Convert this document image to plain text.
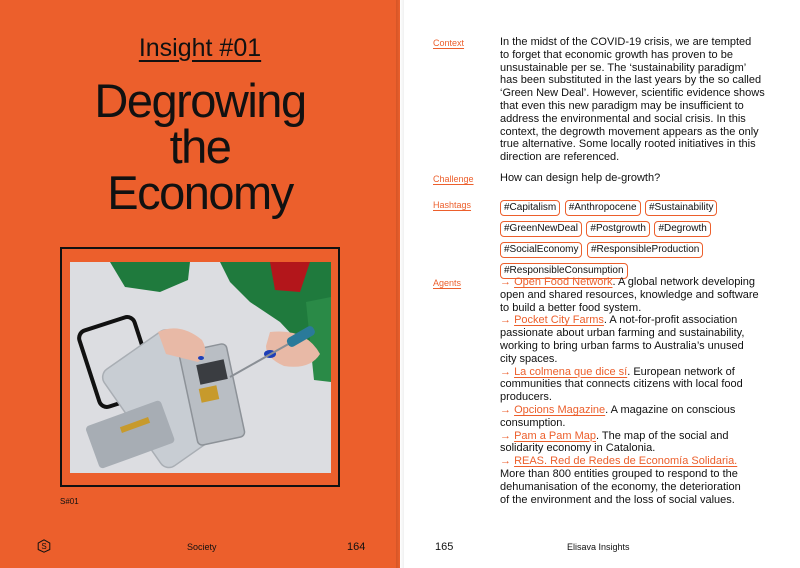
Insight #01
Degrowing
the
Economy
S#01
S	Society	164
Context	In the midst of the COVID-19 crisis, we are tempted
to forget that economic growth has proven to be
unsustainable per se. The ‘sustainability paradigm’
has been substituted in the last years by the so called
‘Green New Deal’. However, scientific evidence shows
that even this new paradigm may be insufficient to
address the environmental and social crisis. In this
context, the degrowth movement appears as the only
true alternative. Some locally rooted initiatives in this
direction are referenced.
Challenge How can design help de-growth?
Hashtags	#Capitalism #Anthropocene #Sustainability
#GreenNewDeal #Postgrowth #Degrowth
#SocialEconomy #ResponsibleProduction
#ResponsibleConsumption
Agents	→ Open Food Network. A global network developing
open and shared resources, knowledge and software
to build a better food system.
→ Pocket City Farms. A not-for-profit association
passionate about urban farming and sustainability,
working to bring urban farms to Australia’s unused
city spaces.
→ La colmena que dice sí. European network of
communities that connects citizens with local food
producers.
→ Opcions Magazine. A magazine on conscious
consumption.
→ Pam a Pam Map. The map of the social and
solidarity economy in Catalonia.
→ REAS. Red de Redes de Economía Solidaria.
More than 800 entities grouped to respond to the
dehumanisation of the economy, the deterioration
of the environment and the loss of social values.
165	Elisava Insights
